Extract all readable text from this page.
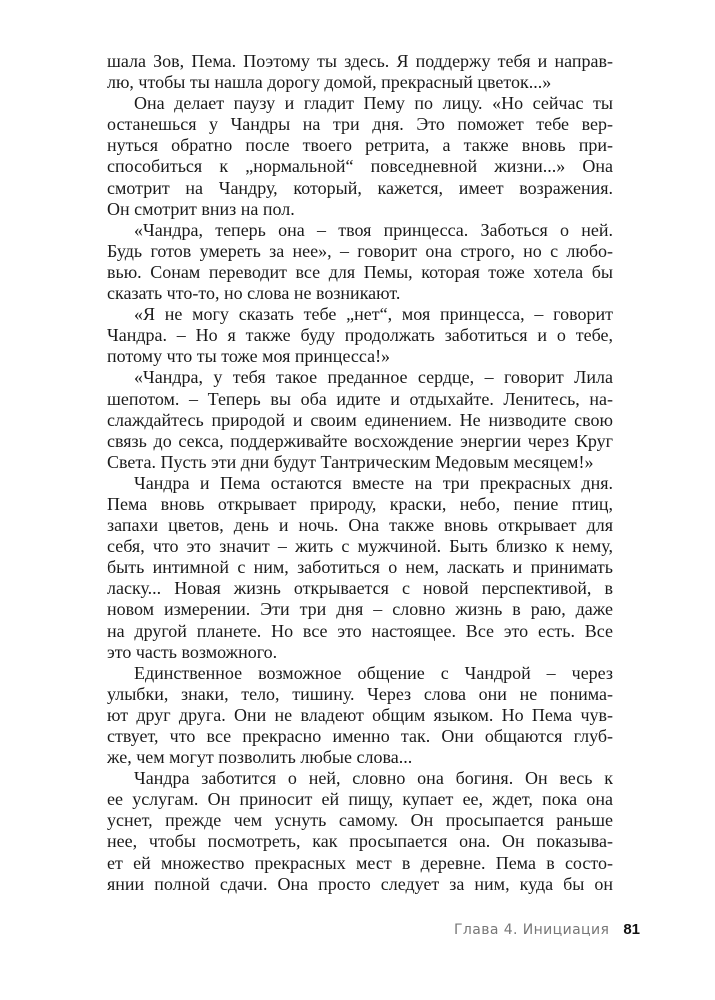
шала Зов, Пема. Поэтому ты здесь. Я поддержу тебя и направ-
лю, чтобы ты нашла дорогу домой, прекрасный цветок...»
Она делает паузу и гладит Пему по лицу. «Но сейчас ты
останешься у Чандры на три дня. Это поможет тебе вер-
нуться обратно после твоего ретрита, а также вновь при-
способиться к „нормальной“ повседневной жизни...» Она
смотрит на Чандру, который, кажется, имеет возражения.
Он смотрит вниз на пол.
«Чандра, теперь она – твоя принцесса. Заботься о ней.
Будь готов умереть за нее», – говорит она строго, но с любо-
вью. Сонам переводит все для Пемы, которая тоже хотела бы
сказать что-то, но слова не возникают.
«Я не могу сказать тебе „нет“, моя принцесса, – говорит
Чандра. – Но я также буду продолжать заботиться и о тебе,
потому что ты тоже моя принцесса!»
«Чандра, у тебя такое преданное сердце, – говорит Лила
шепотом. – Теперь вы оба идите и отдыхайте. Ленитесь, на-
слаждайтесь природой и своим единением. Не низводите свою
связь до секса, поддерживайте восхождение энергии через Круг
Света. Пусть эти дни будут Тантрическим Медовым месяцем!»
Чандра и Пема остаются вместе на три прекрасных дня.
Пема вновь открывает природу, краски, небо, пение птиц,
запахи цветов, день и ночь. Она также вновь открывает для
себя, что это значит – жить с мужчиной. Быть близко к нему,
быть интимной с ним, заботиться о нем, ласкать и принимать
ласку... Новая жизнь открывается с новой перспективой, в
новом измерении. Эти три дня – словно жизнь в раю, даже
на другой планете. Но все это настоящее. Все это есть. Все
это часть возможного.
Единственное возможное общение с Чандрой – через
улыбки, знаки, тело, тишину. Через слова они не понима-
ют друг друга. Они не владеют общим языком. Но Пема чув-
ствует, что все прекрасно именно так. Они общаются глуб-
же, чем могут позволить любые слова...
Чандра заботится о ней, словно она богиня. Он весь к
ее услугам. Он приносит ей пищу, купает ее, ждет, пока она
уснет, прежде чем уснуть самому. Он просыпается раньше
нее, чтобы посмотреть, как просыпается она. Он показыва-
ет ей множество прекрасных мест в деревне. Пема в состо-
янии полной сдачи. Она просто следует за ним, куда бы он
Глава 4. Инициация 81
